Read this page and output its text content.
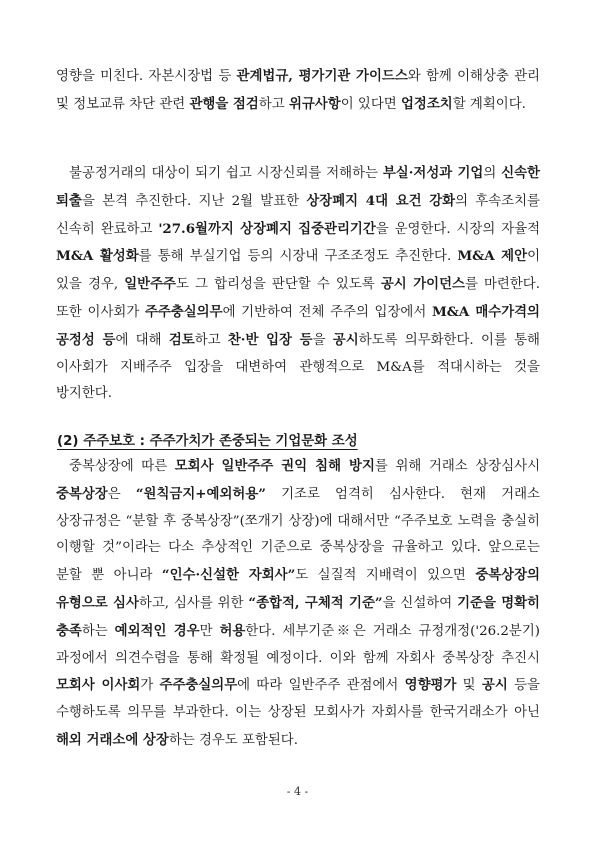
영향을 미친다. 자본시장법 등 관계법규, 평가기관 가이드스와 함께 이해상충 관리 및 정보교류 차단 관련 관행을 점검하고 위규사항이 있다면 업정조치할 계획이다.
불공정거래의 대상이 되기 쉽고 시장신뢰를 저해하는 부실·저성과 기업의 신속한 퇴출을 본격 추진한다. 지난 2월 발표한 상장폐지 4대 요건 강화의 후속조치를 신속히 완료하고 '27.6월까지 상장폐지 집중관리기간을 운영한다. 시장의 자율적 M&A 활성화를 통해 부실기업 등의 시장내 구조조정도 추진한다. M&A 제안이 있을 경우, 일반주주도 그 합리성을 판단할 수 있도록 공시 가이던스를 마련한다. 또한 이사회가 주주충실의무에 기반하여 전체 주주의 입장에서 M&A 매수가격의 공정성 등에 대해 검토하고 찬·반 입장 등을 공시하도록 의무화한다. 이를 통해 이사회가 지배주주 입장을 대변하여 관행적으로 M&A를 적대시하는 것을 방지한다.
(2) 주주보호 : 주주가치가 존중되는 기업문화 조성
중복상장에 따른 모회사 일반주주 권익 침해 방지를 위해 거래소 상장심사시 중복상장은 “원칙금지+예외허용” 기조로 엄격히 심사한다. 현재 거래소 상장규정은 “분할 후 중복상장”(쪼개기 상장)에 대해서만 “주주보호 노력을 충실히 이행할 것”이라는 다소 추상적인 기준으로 중복상장을 규율하고 있다. 앞으로는 분할 뿐 아니라 “인수·신설한 자회사”도 실질적 지배력이 있으면 중복상장의 유형으로 심사하고, 심사를 위한 “종합적, 구체적 기준”을 신설하여 기준을 명확히 충족하는 예외적인 경우만 허용한다. 세부기준※은 거래소 규정개정('26.2분기) 과정에서 의견수렴을 통해 확정될 예정이다. 이와 함께 자회사 중복상장 추진시 모회사 이사회가 주주충실의무에 따라 일반주주 관점에서 영향평가 및 공시 등을 수행하도록 의무를 부과한다. 이는 상장된 모회사가 자회사를 한국거래소가 아닌 해외 거래소에 상장하는 경우도 포함된다.
- 4 -
